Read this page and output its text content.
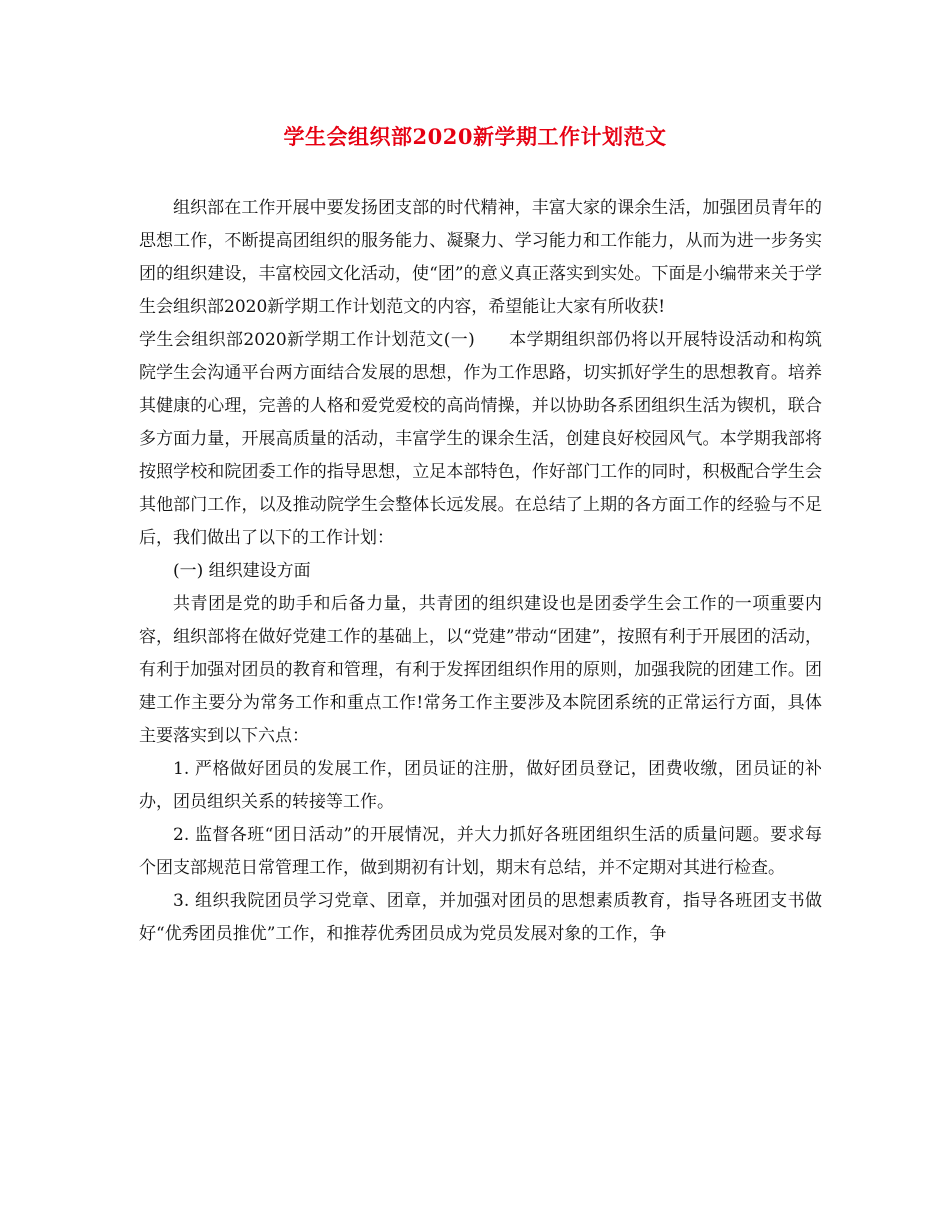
学生会组织部2020新学期工作计划范文

组织部在工作开展中要发扬团支部的时代精神，丰富大家的课余生活，加强团员青年的思想工作，不断提高团组织的服务能力、凝聚力、学习能力和工作能力，从而为进一步务实团的组织建设，丰富校园文化活动，使“团”的意义真正落实到实处。下面是小编带来关于学生会组织部2020新学期工作计划范文的内容，希望能让大家有所收获!

学生会组织部2020新学期工作计划范文(一) 本学期组织部仍将以开展特设活动和构筑院学生会沟通平台两方面结合发展的思想，作为工作思路，切实抓好学生的思想教育。培养其健康的心理，完善的人格和爱党爱校的高尚情操，并以协助各系团组织生活为锲机，联合多方面力量，开展高质量的活动，丰富学生的课余生活，创建良好校园风气。本学期我部将按照学校和院团委工作的指导思想，立足本部特色，作好部门工作的同时，积极配合学生会其他部门工作，以及推动院学生会整体长远发展。在总结了上期的各方面工作的经验与不足后，我们做出了以下的工作计划：

(一) 组织建设方面

共青团是党的助手和后备力量，共青团的组织建设也是团委学生会工作的一项重要内容，组织部将在做好党建工作的基础上，以“党建”带动“团建”，按照有利于开展团的活动，有利于加强对团员的教育和管理，有利于发挥团组织作用的原则，加强我院的团建工作。团建工作主要分为常务工作和重点工作!常务工作主要涉及本院团系统的正常运行方面，具体主要落实到以下六点：

1. 严格做好团员的发展工作，团员证的注册，做好团员登记，团费收缴，团员证的补办，团员组织关系的转接等工作。

2. 监督各班“团日活动”的开展情况，并大力抓好各班团组织生活的质量问题。要求每个团支部规范日常管理工作，做到期初有计划，期末有总结，并不定期对其进行检查。

3. 组织我院团员学习党章、团章，并加强对团员的思想素质教育，指导各班团支书做好“优秀团员推优”工作，和推荐优秀团员成为党员发展对象的工作，争
